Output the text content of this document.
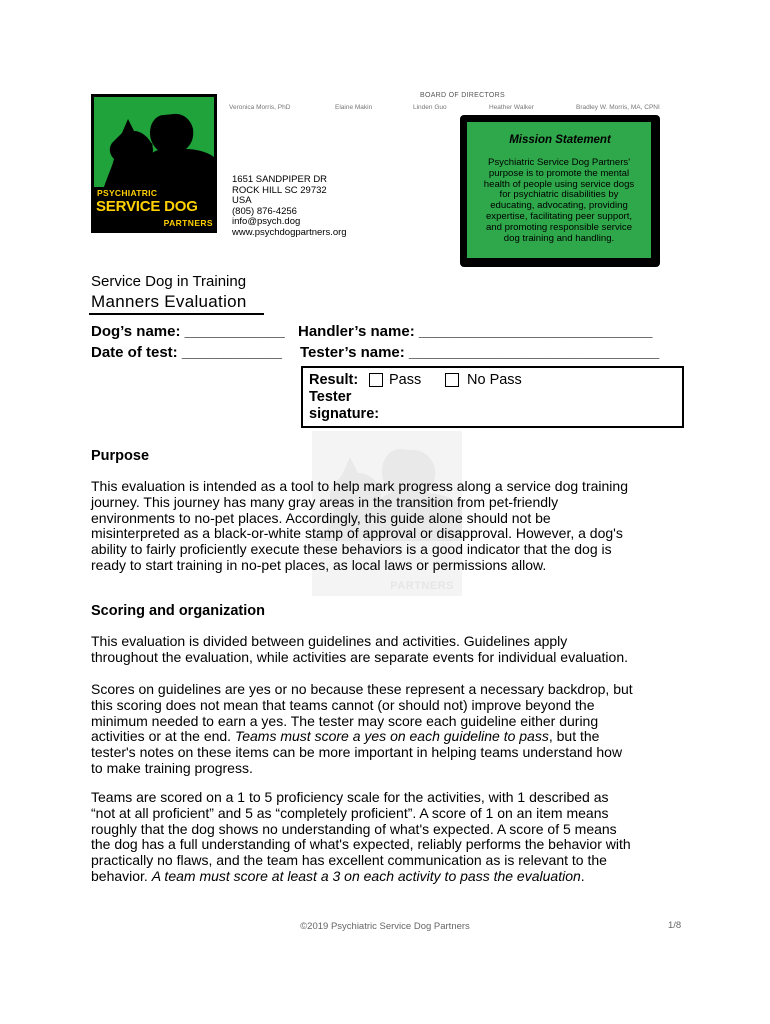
PSYCHIATRIC
SERVICE DOG
PARTNERS
BOARD OF DIRECTORS
Veronica Morris, PhD	Elaine Makin	Linden Guo	Heather Walker	Bradley W. Morris, MA, CPNI
1651 SANDPIPER DR
ROCK HILL SC 29732
USA
(805) 876-4256
info@psych.dog
www.psychdogpartners.org
Mission Statement
Psychiatric Service Dog Partners'
purpose is to promote the mental
health of people using service dogs
for psychiatric disabilities by
educating, advocating, providing
expertise, facilitating peer support,
and promoting responsible service
dog training and handling.
Service Dog in Training
Manners Evaluation
Dog’s name: ____________ Handler’s name: ____________________________
Date of test: ____________ Tester’s name: ______________________________
PARTNERS
Result: Pass	No Pass
Tester
signature:
Purpose
This evaluation is intended as a tool to help mark progress along a service dog training
journey. This journey has many gray areas in the transition from pet-friendly
environments to no-pet places. Accordingly, this guide alone should not be
misinterpreted as a black-or-white stamp of approval or disapproval. However, a dog's
ability to fairly proficiently execute these behaviors is a good indicator that the dog is
ready to start training in no-pet places, as local laws or permissions allow.
Scoring and organization
This evaluation is divided between guidelines and activities. Guidelines apply
throughout the evaluation, while activities are separate events for individual evaluation.
Scores on guidelines are yes or no because these represent a necessary backdrop, but
this scoring does not mean that teams cannot (or should not) improve beyond the
minimum needed to earn a yes. The tester may score each guideline either during
activities or at the end. Teams must score a yes on each guideline to pass, but the
tester's notes on these items can be more important in helping teams understand how
to make training progress.
Teams are scored on a 1 to 5 proficiency scale for the activities, with 1 described as
“not at all proficient” and 5 as “completely proficient”. A score of 1 on an item means
roughly that the dog shows no understanding of what's expected. A score of 5 means
the dog has a full understanding of what's expected, reliably performs the behavior with
practically no flaws, and the team has excellent communication as is relevant to the
behavior. A team must score at least a 3 on each activity to pass the evaluation.
©2019 Psychiatric Service Dog Partners	1/8
